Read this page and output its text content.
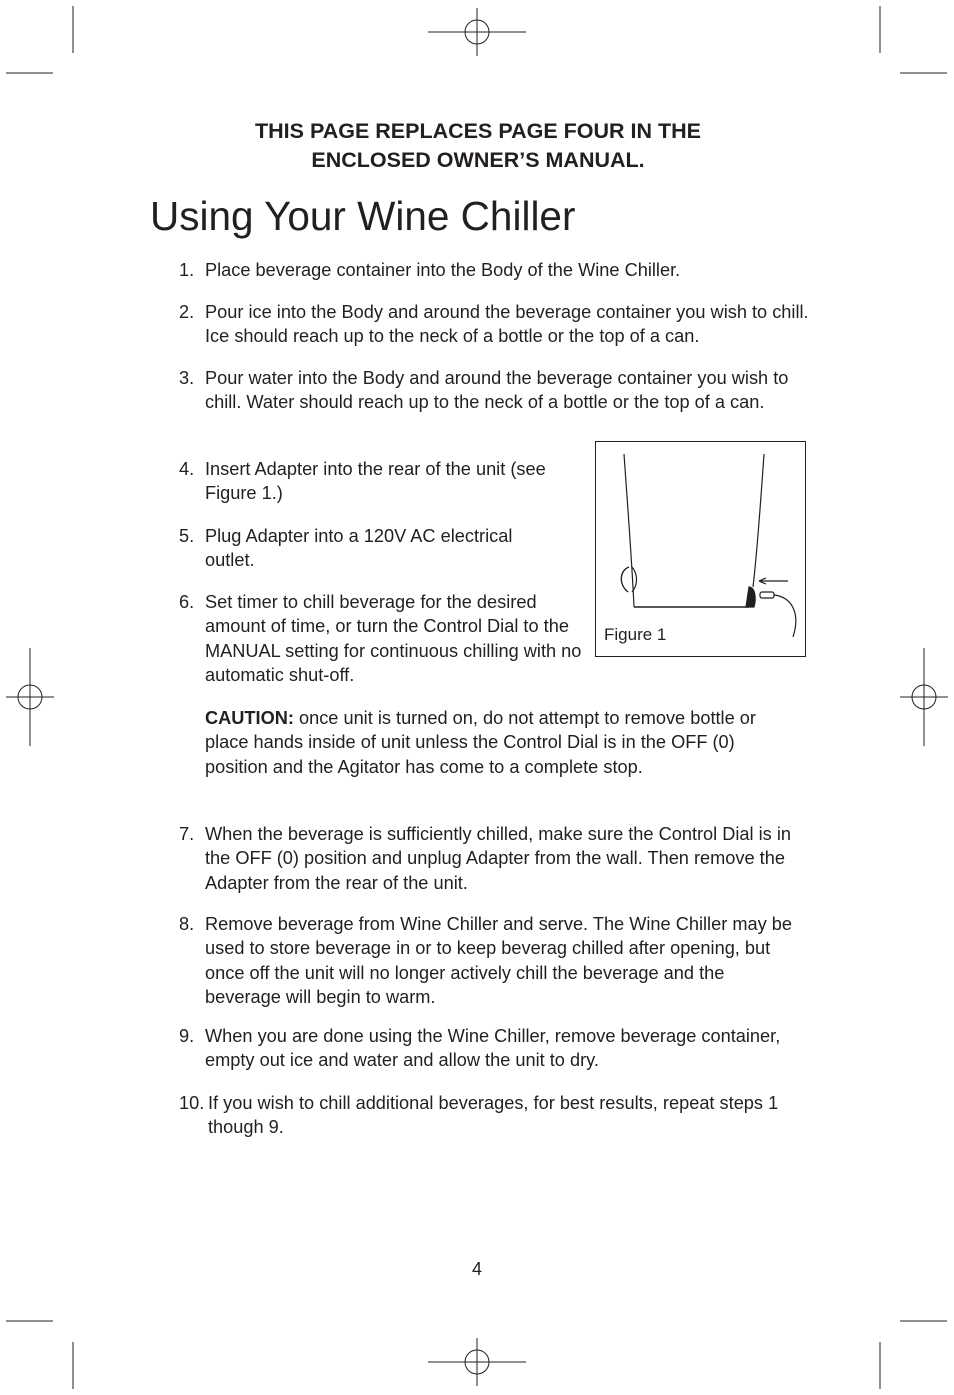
THIS PAGE REPLACES PAGE FOUR IN THE
ENCLOSED OWNER’S MANUAL.
Using Your Wine Chiller
1. Place beverage container into the Body of the Wine Chiller.
2. Pour ice into the Body and around the beverage container you wish to chill. Ice should reach up to the neck of a bottle or the top of a can.
3. Pour water into the Body and around the beverage container you wish to chill. Water should reach up to the neck of a bottle or the top of a can.
4. Insert Adapter into the rear of the unit (see Figure 1.)
5. Plug Adapter into a 120V AC electrical outlet.
6. Set timer to chill beverage for the desired amount of time, or turn the Control Dial to the MANUAL setting for continuous chilling with no automatic shut-off.
CAUTION: once unit is turned on, do not attempt to remove bottle or place hands inside of unit unless the Control Dial is in the OFF (0) position and the Agitator has come to a complete stop.
7. When the beverage is sufficiently chilled, make sure the Control Dial is in the OFF (0) position and unplug Adapter from the wall. Then remove the Adapter from the rear of the unit.
8. Remove beverage from Wine Chiller and serve. The Wine Chiller may be used to store beverage in or to keep beverag chilled after opening, but once off the unit will no longer actively chill the beverage and the beverage will begin to warm.
9. When you are done using the Wine Chiller, remove beverage container, empty out ice and water and allow the unit to dry.
10. If you wish to chill additional beverages, for best results, repeat steps 1 though 9.
Figure 1
4
